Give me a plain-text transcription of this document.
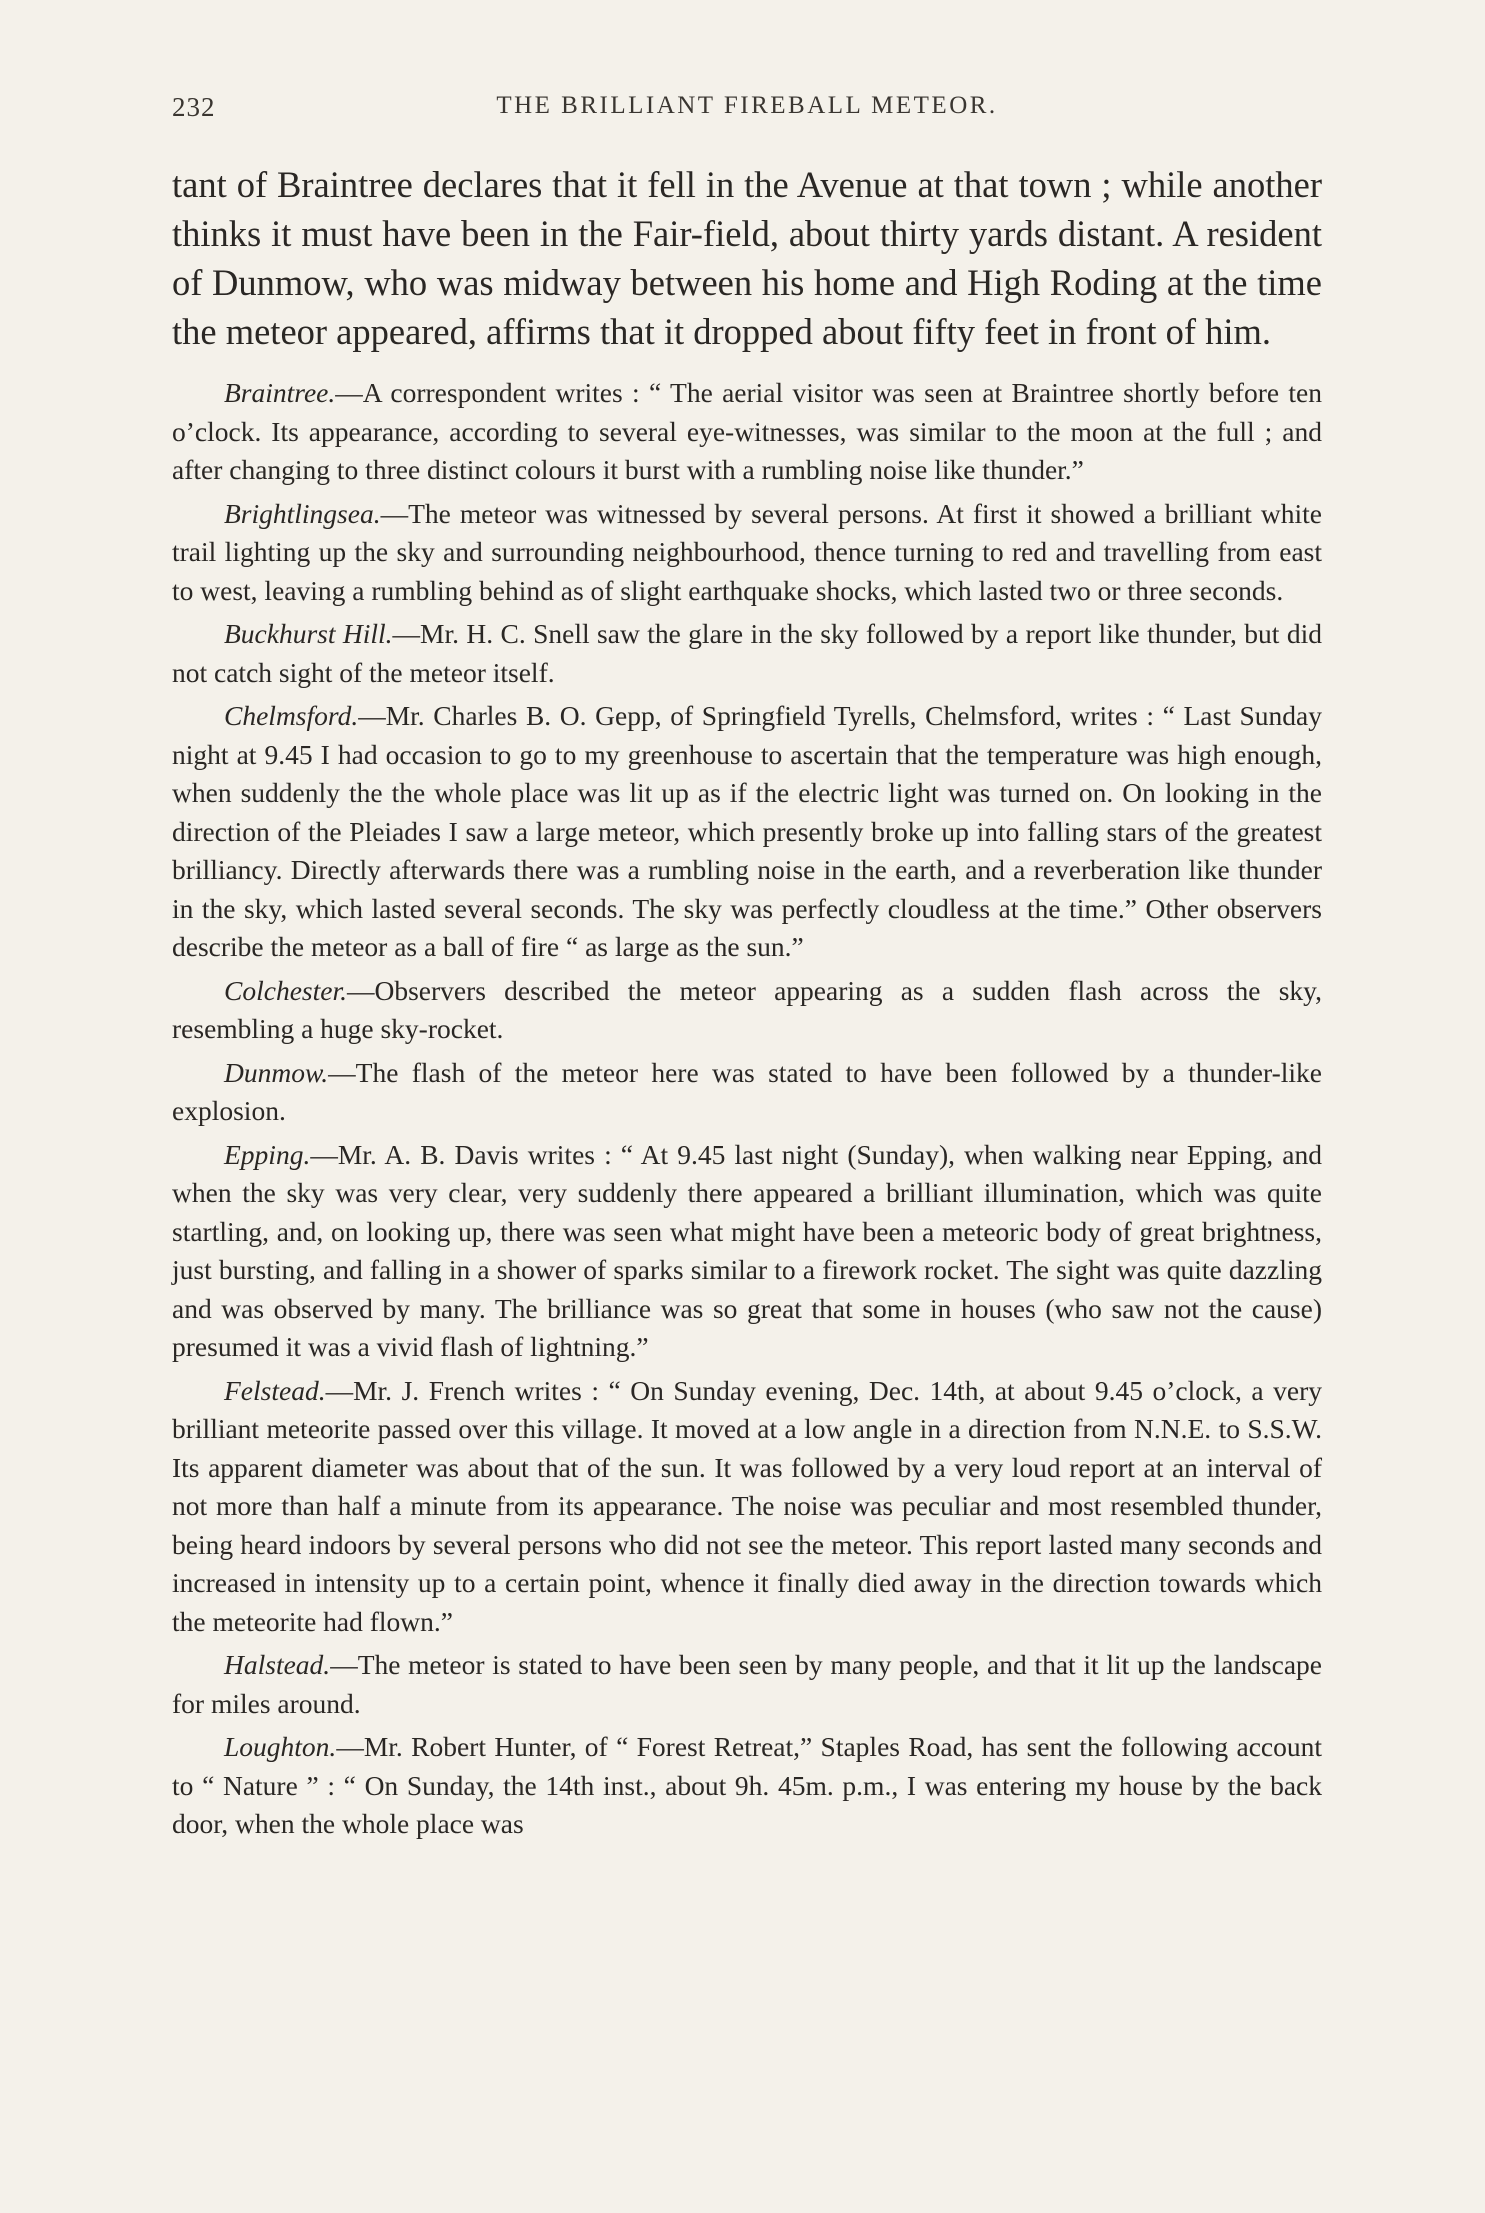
232	THE BRILLIANT FIREBALL METEOR.

tant of Braintree declares that it fell in the Avenue at that town ; while another thinks it must have been in the Fair-field, about thirty yards distant. A resident of Dunmow, who was midway between his home and High Roding at the time the meteor appeared, affirms that it dropped about fifty feet in front of him.

Braintree.—A correspondent writes : “ The aerial visitor was seen at Braintree shortly before ten o’clock. Its appearance, according to several eye-witnesses, was similar to the moon at the full ; and after changing to three distinct colours it burst with a rumbling noise like thunder.”

Brightlingsea.—The meteor was witnessed by several persons. At first it showed a brilliant white trail lighting up the sky and surrounding neighbourhood, thence turning to red and travelling from east to west, leaving a rumbling behind as of slight earthquake shocks, which lasted two or three seconds.

Buckhurst Hill.—Mr. H. C. Snell saw the glare in the sky followed by a report like thunder, but did not catch sight of the meteor itself.

Chelmsford.—Mr. Charles B. O. Gepp, of Springfield Tyrells, Chelmsford, writes : “ Last Sunday night at 9.45 I had occasion to go to my greenhouse to ascertain that the temperature was high enough, when suddenly the the whole place was lit up as if the electric light was turned on. On looking in the direction of the Pleiades I saw a large meteor, which presently broke up into falling stars of the greatest brilliancy. Directly afterwards there was a rumbling noise in the earth, and a reverberation like thunder in the sky, which lasted several seconds. The sky was perfectly cloudless at the time.” Other observers describe the meteor as a ball of fire “ as large as the sun.”

Colchester.—Observers described the meteor appearing as a sudden flash across the sky, resembling a huge sky-rocket.

Dunmow.—The flash of the meteor here was stated to have been followed by a thunder-like explosion.

Epping.—Mr. A. B. Davis writes : “ At 9.45 last night (Sunday), when walking near Epping, and when the sky was very clear, very suddenly there appeared a brilliant illumination, which was quite startling, and, on looking up, there was seen what might have been a meteoric body of great brightness, just bursting, and falling in a shower of sparks similar to a firework rocket. The sight was quite dazzling and was observed by many. The brilliance was so great that some in houses (who saw not the cause) presumed it was a vivid flash of lightning.”

Felstead.—Mr. J. French writes : “ On Sunday evening, Dec. 14th, at about 9.45 o’clock, a very brilliant meteorite passed over this village. It moved at a low angle in a direction from N.N.E. to S.S.W. Its apparent diameter was about that of the sun. It was followed by a very loud report at an interval of not more than half a minute from its appearance. The noise was peculiar and most resembled thunder, being heard indoors by several persons who did not see the meteor. This report lasted many seconds and increased in intensity up to a certain point, whence it finally died away in the direction towards which the meteorite had flown.”

Halstead.—The meteor is stated to have been seen by many people, and that it lit up the landscape for miles around.

Loughton.—Mr. Robert Hunter, of “ Forest Retreat,” Staples Road, has sent the following account to “ Nature ” : “ On Sunday, the 14th inst., about 9h. 45m. p.m., I was entering my house by the back door, when the whole place was
